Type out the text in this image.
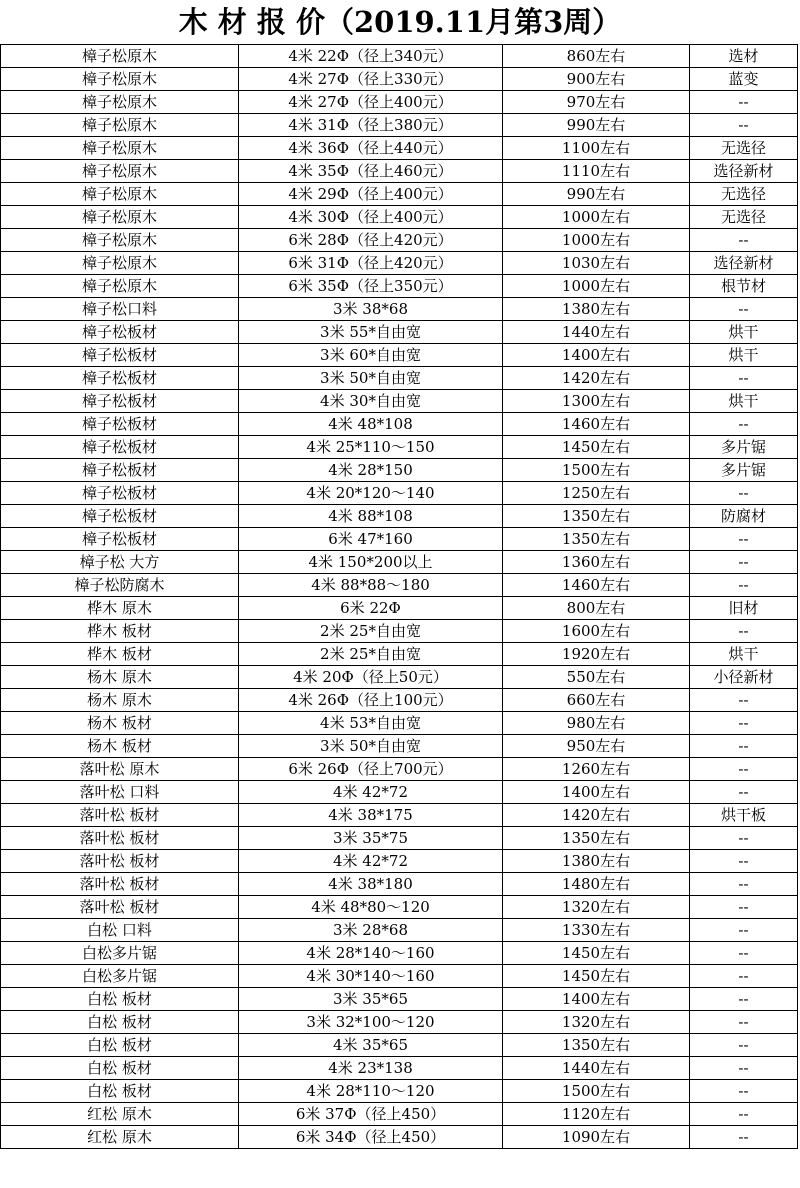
木 材 报 价（2019.11月第3周）
樟子松原木	4米 22Φ（径上340元）	860左右	选材
樟子松原木	4米 27Φ（径上330元）	900左右	蓝变
樟子松原木	4米 27Φ（径上400元）	970左右	--
樟子松原木	4米 31Φ（径上380元）	990左右	--
樟子松原木	4米 36Φ（径上440元）	1100左右	无选径
樟子松原木	4米 35Φ（径上460元）	1110左右	选径新材
樟子松原木	4米 29Φ（径上400元）	990左右	无选径
樟子松原木	4米 30Φ（径上400元）	1000左右	无选径
樟子松原木	6米 28Φ（径上420元）	1000左右	--
樟子松原木	6米 31Φ（径上420元）	1030左右	选径新材
樟子松原木	6米 35Φ（径上350元）	1000左右	根节材
樟子松口料	3米 38*68	1380左右	--
樟子松板材	3米 55*自由宽	1440左右	烘干
樟子松板材	3米 60*自由宽	1400左右	烘干
樟子松板材	3米 50*自由宽	1420左右	--
樟子松板材	4米 30*自由宽	1300左右	烘干
樟子松板材	4米 48*108	1460左右	--
樟子松板材	4米 25*110～150	1450左右	多片锯
樟子松板材	4米 28*150	1500左右	多片锯
樟子松板材	4米 20*120～140	1250左右	--
樟子松板材	4米 88*108	1350左右	防腐材
樟子松板材	6米 47*160	1350左右	--
樟子松 大方	4米 150*200以上	1360左右	--
樟子松防腐木	4米 88*88～180	1460左右	--
桦木 原木	6米 22Φ	800左右	旧材
桦木 板材	2米 25*自由宽	1600左右	--
桦木 板材	2米 25*自由宽	1920左右	烘干
杨木 原木	4米 20Φ（径上50元）	550左右	小径新材
杨木 原木	4米 26Φ（径上100元）	660左右	--
杨木 板材	4米 53*自由宽	980左右	--
杨木 板材	3米 50*自由宽	950左右	--
落叶松 原木	6米 26Φ（径上700元）	1260左右	--
落叶松 口料	4米 42*72	1400左右	--
落叶松 板材	4米 38*175	1420左右	烘干板
落叶松 板材	3米 35*75	1350左右	--
落叶松 板材	4米 42*72	1380左右	--
落叶松 板材	4米 38*180	1480左右	--
落叶松 板材	4米 48*80～120	1320左右	--
白松 口料	3米 28*68	1330左右	--
白松多片锯	4米 28*140～160	1450左右	--
白松多片锯	4米 30*140～160	1450左右	--
白松 板材	3米 35*65	1400左右	--
白松 板材	3米 32*100～120	1320左右	--
白松 板材	4米 35*65	1350左右	--
白松 板材	4米 23*138	1440左右	--
白松 板材	4米 28*110～120	1500左右	--
红松 原木	6米 37Φ（径上450）	1120左右	--
红松 原木	6米 34Φ（径上450）	1090左右	--
